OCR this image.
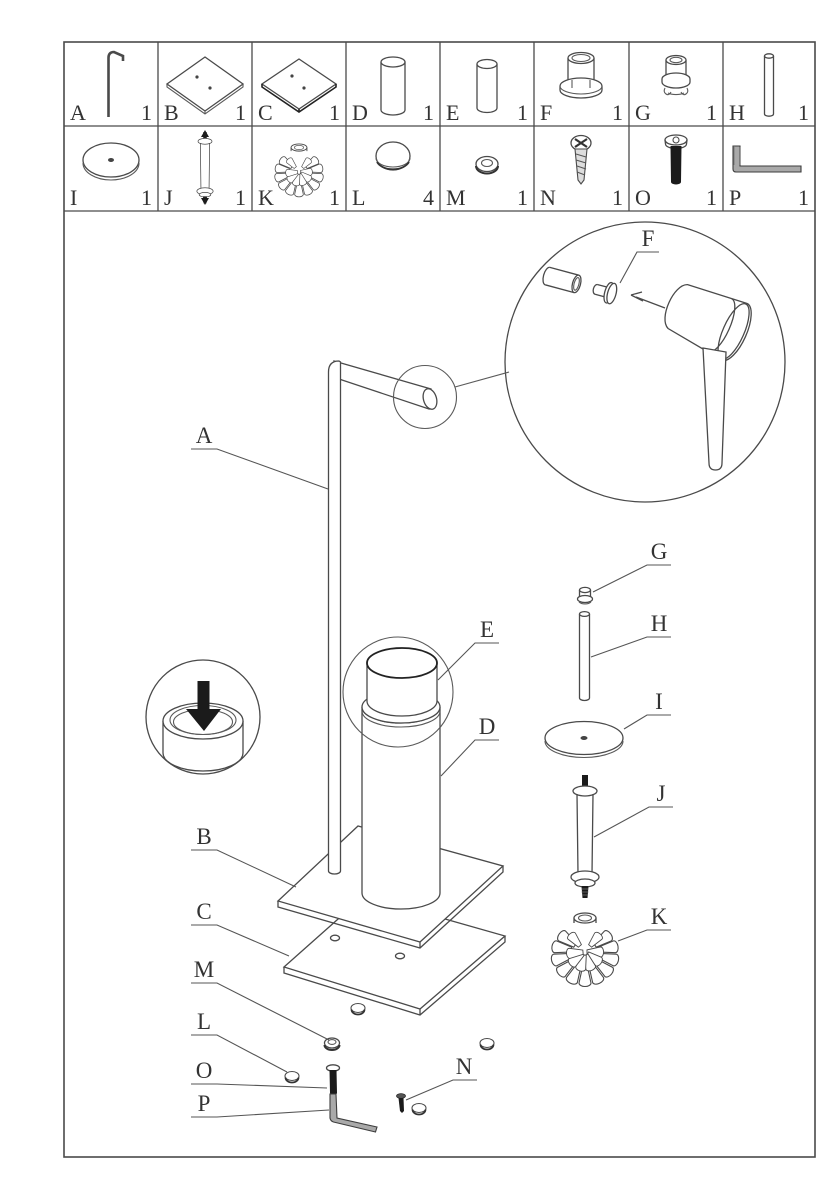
A	1 B	1 C	1 D	1 E	1 F	1 G	1 H 1
I	1 J	1 K	1 L	4 M 1 N	1 O	1 P	1
F
A
B
C
M
L
O
P
N
E
D
G
H
I
J
K
